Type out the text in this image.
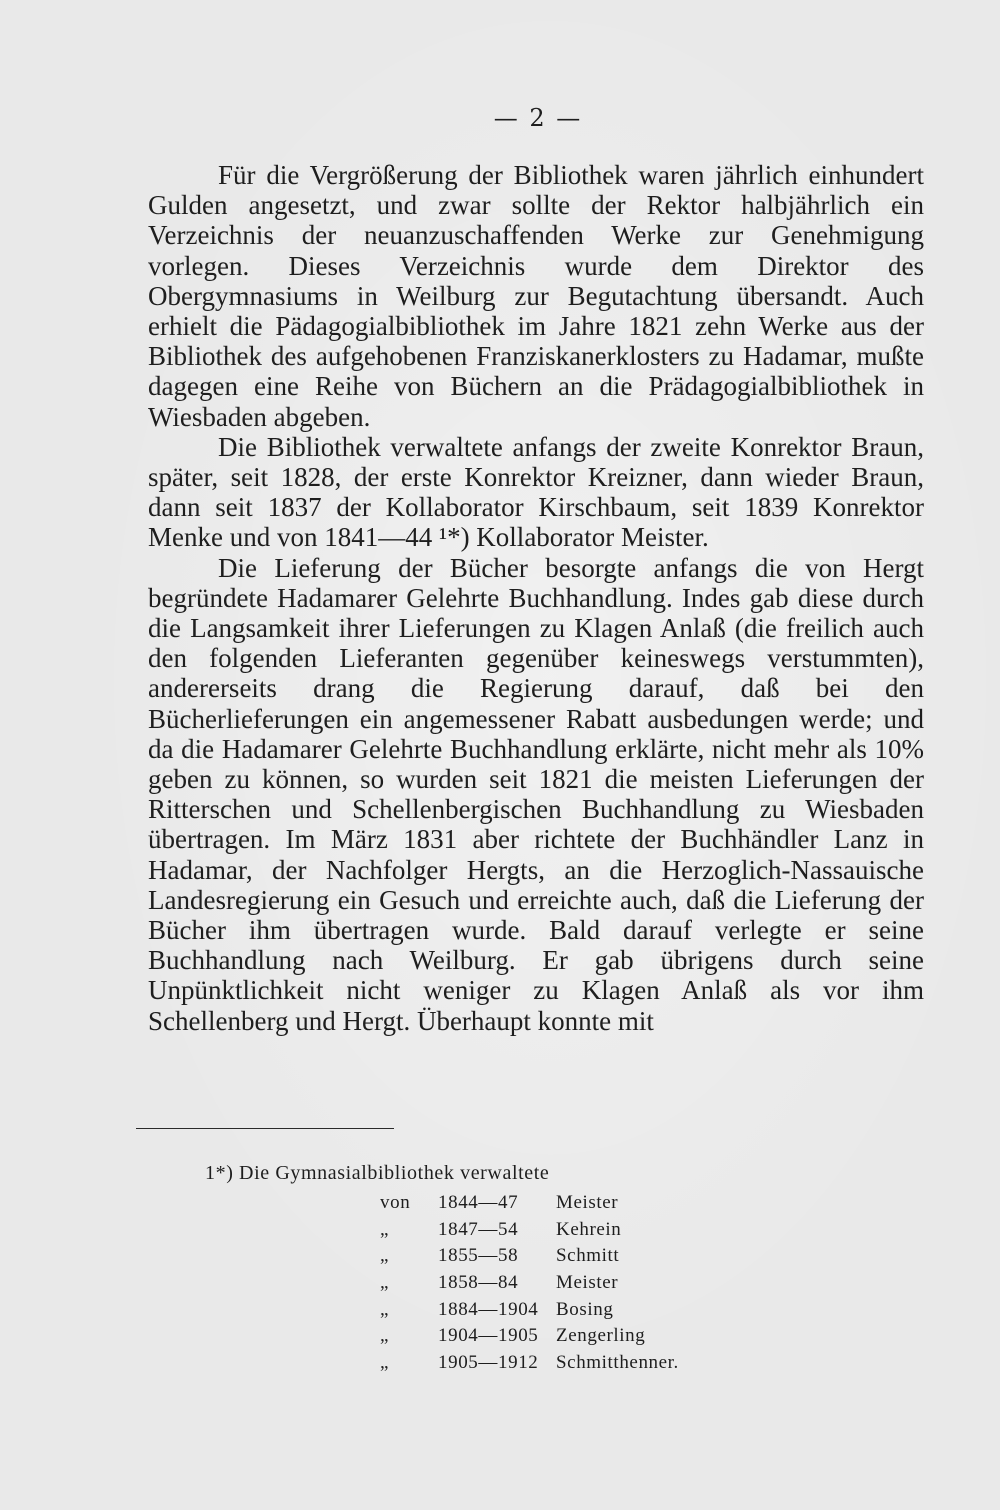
— 2 —

Für die Vergrößerung der Bibliothek waren jährlich einhundert Gulden angesetzt, und zwar sollte der Rektor halbjährlich ein Verzeichnis der neuanzuschaffenden Werke zur Genehmigung vorlegen. Dieses Verzeichnis wurde dem Direktor des Obergymnasiums in Weilburg zur Begutachtung übersandt. Auch erhielt die Pädagogialbibliothek im Jahre 1821 zehn Werke aus der Bibliothek des aufgehobenen Franziskanerklosters zu Hadamar, mußte dagegen eine Reihe von Büchern an die Prädagogialbibliothek in Wiesbaden abgeben.

Die Bibliothek verwaltete anfangs der zweite Konrektor Braun, später, seit 1828, der erste Konrektor Kreizner, dann wieder Braun, dann seit 1837 der Kollaborator Kirschbaum, seit 1839 Konrektor Menke und von 1841—44 ¹*) Kollaborator Meister.

Die Lieferung der Bücher besorgte anfangs die von Hergt begründete Hadamarer Gelehrte Buchhandlung. Indes gab diese durch die Langsamkeit ihrer Lieferungen zu Klagen Anlaß (die freilich auch den folgenden Lieferanten gegenüber keineswegs verstummten), andererseits drang die Regierung darauf, daß bei den Bücherlieferungen ein angemessener Rabatt ausbedungen werde; und da die Hadamarer Gelehrte Buchhandlung erklärte, nicht mehr als 10% geben zu können, so wurden seit 1821 die meisten Lieferungen der Ritterschen und Schellenbergischen Buchhandlung zu Wiesbaden übertragen. Im März 1831 aber richtete der Buchhändler Lanz in Hadamar, der Nachfolger Hergts, an die Herzoglich-Nassauische Landesregierung ein Gesuch und erreichte auch, daß die Lieferung der Bücher ihm übertragen wurde. Bald darauf verlegte er seine Buchhandlung nach Weilburg. Er gab übrigens durch seine Unpünktlichkeit nicht weniger zu Klagen Anlaß als vor ihm Schellenberg und Hergt. Überhaupt konnte mit

1*) Die Gymnasialbibliothek verwaltete
von	1844—47	Meister
„	1847—54	Kehrein
„	1855—58	Schmitt
„	1858—84	Meister
„	1884—1904 Bosing
„	1904—1905 Zengerling
„	1905—1912 Schmitthenner.
